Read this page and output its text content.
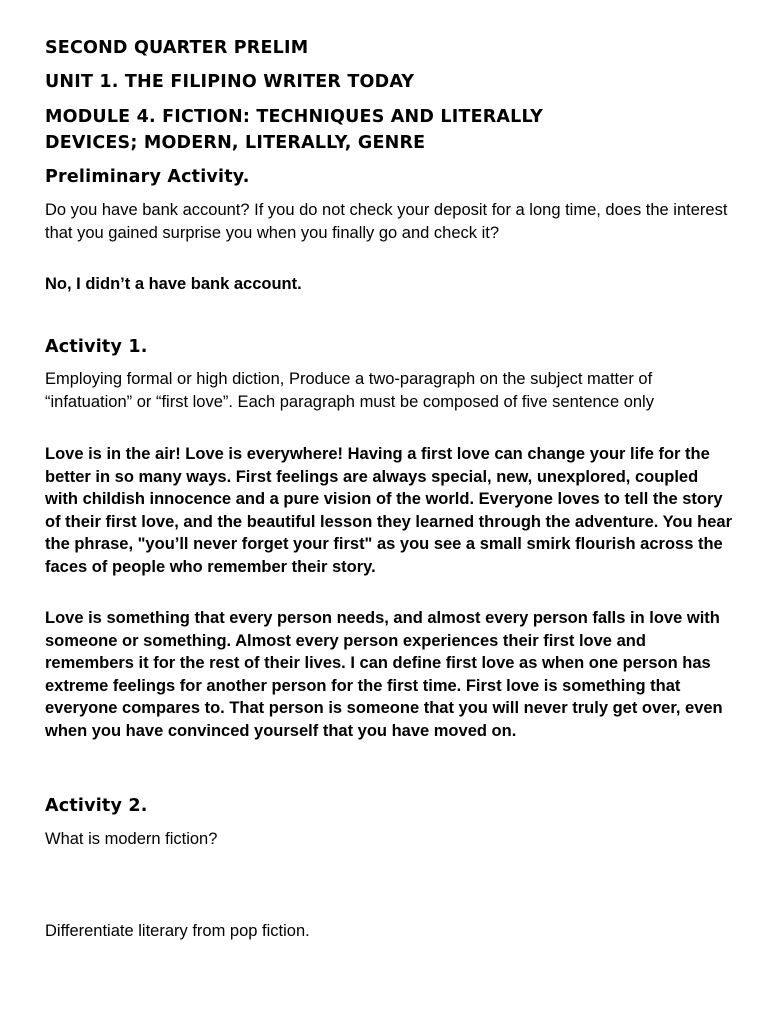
SECOND QUARTER PRELIM
UNIT 1. THE FILIPINO WRITER TODAY
MODULE 4. FICTION: TECHNIQUES AND LITERALLY
DEVICES; MODERN, LITERALLY, GENRE
Preliminary Activity.

Do you have bank account? If you do not check your deposit for a long time, does the interest that you gained surprise you when you finally go and check it?

No, I didn’t a have bank account.

Activity 1.

Employing formal or high diction, Produce a two-paragraph on the subject matter of “infatuation” or “first love”. Each paragraph must be composed of five sentence only

Love is in the air! Love is everywhere! Having a first love can change your life for the better in so many ways. First feelings are always special, new, unexplored, coupled with childish innocence and a pure vision of the world. Everyone loves to tell the story of their first love, and the beautiful lesson they learned through the adventure. You hear the phrase, "you’ll never forget your first" as you see a small smirk flourish across the faces of people who remember their story.

Love is something that every person needs, and almost every person falls in love with someone or something. Almost every person experiences their first love and remembers it for the rest of their lives. I can define first love as when one person has extreme feelings for another person for the first time. First love is something that everyone compares to. That person is someone that you will never truly get over, even when you have convinced yourself that you have moved on.

Activity 2.

What is modern fiction?

Differentiate literary from pop fiction.
